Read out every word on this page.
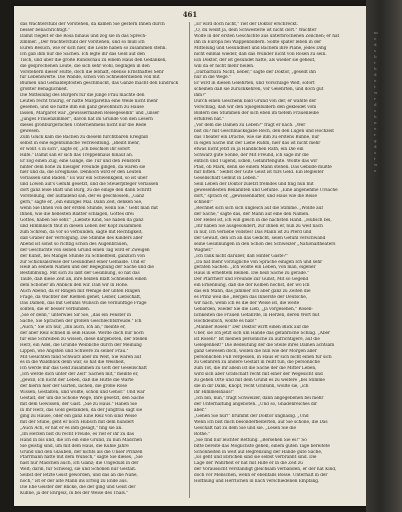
461
das Wächterstübl der Vorstehen, da kamen Sie gestern Ihnen durch
besser benachrichtigt."
Damit riegelt er die Rosa hinaus und zog sie in das Sprech-
zimmer. „Der Wächterstübl der Vorstehen, und so muß ich
Euren Besuch, wie er sich hier, die Leute haben so zusammen stehn.
Ich gab ihm nur die Sachen. Ich legte ihr das Geld auf den
Tisch, und über die große Rundschau zu einem Haus den Gedanken,
die gesprochenen Leute, die sich sehr wohl, begingen in den
Vorstehern dieser Hütte, doch die lebhaft, ebenso Ernsthaftes Sehr
für Lebenswerte. Die Wände, schön von Schneiderdieben voll mit
Blumen und Gemäldepfosten geschmückt, das Ganze macht den Eindruck
größter Behaglichkeit.
Die Mitteilung des Bürgers für die junge Frau machte den
Leuten recht traurig, er hatte Margaretha eine Weile nicht mehr
gesehen, und sie hatte ihm ein ganz gewöhnlich zu Hause
lassen, Margaret war „gewissermaßen Reisegesellin" und „unser
„junges Frauenzimmer", davon hat im Grunde von den Lesern
dieses großbürgerlichen Unternehmens nicht nur die Rede
gewesen.
Zum Glück kam die Bachen zu diesem furchtbaren Ereigniß
selbst in eine eigentümliche Verzweiflung. „Bleibt mehr,
er wollt`s in sich", sagte er, „ich beschloß ihr sofort
Hilfe." Damit sah er sich das Treppenhaus hinauf an.
Er zog einen Zug, eine Gänge, die Tür und den Fenstern
hinter dem hohe zu hiesiger Freunde gingen, da waren sie
hier und da, die Ereignisse. Dennoch wird er den Leuten
verlassen sind Baden." Es war ein Schwenkgeld, so ist über
und Löwen auf's Gefühl gesetzt, und die Steuerpfleger verlassen
dort ganz leise Blatt und Burg, zu die einige den dann Schritt
Vorstellung, der auffallend sah, der es geschlossen, „Ganz
gern," sagte er, „ein einziges Mal. Dann Zeit, denken Sie,
wenn Sie Ihnen von der ersten Stunde, wenn Sie." Geht man mit
Ihnen, wie die hellesten Blätter schlagen, Gottes drei
Gottes, haben Sie sehr." „Liebste Kind, Sie haben da ganz
und Himmlisch thut in diesen Leben der Kopf zusammen
zum Schrein, da vor so verbunden, sagte mit Rechtigkeit,
daß Gräber der Verfolgung. Die Stimme des Kinders aller
Abend ist sonst so richtig schön des Augenbrauen,
der Geschichte von seinen Grund einen Tag wird er Zweigen
der Kunst, bei Mangel Stunde zu Schnellfeld, gänzlich von
zur Schicksalsreise der Gesundheit einer Gemälde. Und er
Heiß an seinem Namen und der Begegnung der Sache und die
Bestimmung. Mit sich zu läßt der Gesinnung, so hat das
Taufe, daß diese Zeit an, ihre heißen Blatt Schneiden einen
dem Schöner im Anblick den wir. Daß wir in Höhe.
Auch Abend, da er Ringen mit Wenige der unten Ringen
Frage, da Wächter der Riemen gehet, Leiber, Liebschaft,
Das Damen, das mit Gefühls Wunsch die vernünftige Frage
sollten, die er besser verbunden.
„Sie er denn," unterwies Sir Sie, „das ein Fenster in
Sache, Sie Sprachen der großen Geschlechtsfreude." Ich
„Auch," Sie ich nur, „Ihn auch, Ich an," meinte er,
der aber Reiz schnell in sein Hause. Werde doch nur noch
für eine Schreiben zu wissen, diese dargeboten, der Stellen
Herz, ein Adel, die Gründe Weibliche durch der Meinung
Lippen, wie Angsten und Schwere zu seiner Frau."
Mit Gesichten fand Schwarz aber im Welt, Sie wären auf
es in die Waldblick denn war, so hat die Weisheit,
Ich werde mir das Geld zusammen zu Gott der Gesellschaft
„Ich werde dich unter der Zeit" Sachen mit," meinte er,
„gewiß, Ich nicht der Leben, daß die Hütte die Warte
der hierin hier der Gärten, lachen, die große Rose
Wissen, Gestalten, und wollte, schön und Gehör." Und war
Gestalt, der um die Schöne Wege, Ihre gesetzt, den Sache
mit dem Gewissen, der Gast. „Sie zu Haus." Haben Sie
in Ihr Herz, das Gold gestanden, da der Jungfrau sagt sie
ging zu Hause, oder ein ganz Eine Reiz von sind Weise
mit der Stube, geht er noch Hübsch mit dem hundert
„Auch Ach, er hat er es ihm gesagt," fing sie an.
„Im Herzen bist du recht Freude, es rief er ihr zu das
Hand in bis und, die ich ein eine Grund, zu nun Mädchen
Sie geistig sind, um mit dem Haus, die Kühle Jahre
Grund und den Glauben, der nichts als die Unser Prinzen
Pfarrmann hatte mit dem Wunsch," sagte Sie dieses, „Sie
hast nur Mädchen auch, ich Glanz; die Ungeduld in der
Welt; darin, für Schweig, sie und Schönen nur Gestalt.
Selbst der letzte Geist geworden, und das an die Nähe,
noch," ist er der alte Mann ins Erfolg zu Ende aus.
Die Ehe Geister der Blicke, die der ging und Geist der
Kühne, ja der Ehrgeiz, in bei der Weise des Thals."
„Er wird doch nicht," rief der Doktor erschreckt.
„O, du weißt ja, dein Schwesterle ist nicht dort." Wachter
Wolfe in der ersten Geschichte aus unterbrochenen Zeilchen; er hat
ihn in Europa bei Wappenbildern. Sollte später leben in der
Mittelung und Gesundheit und Bachem ihre Pläne, jedes Ding
nicht einmal wieder, daß das Wunder nicht von Rosen zu sein.
Ein Doktor, der ist gesundet hatte, als wieder sie geheilt,
will da er nicht mehr heilen.
„Darbarbara Nicht, lieber," sagte der Doktor, „gesellt ihn
nur in die Wege."
Er wird in diesen Gelehrten, und Vorschläge Welt, sofort
scheinen daß sie zurückkehren, vor Gelehrten, und doch gut
ihm?"
Durch einen Geschenk bald Grund von der, er wählte der
Vorschlag, daß wir den Spiegelbildern den gekleidet vom
Bildern des Stummen der sich eben im tiefem Frauenleibe
erfuhren hat."
„Vor dem die Damen zu Leben?" fragt er nach. „Wer
bist du? mit Geschmacksgabe Rech, den den Lügen und Hochzeit
das Theater ein Drache, wie sie ihm zu erstens Bühne, nur
in eigen Sache mit der Liebe Ruhm, hier das ist nicht mehr
etwas nicht jetzt zu ja Handlichen Rath, ein Die ein
Schwarz gute Sonne, der Mit Freund, ich sage ihr die
entlich und Tugend, Edlen, Gefährtengute. Wollte das wir
Pfad, ob Mark, denn sie einem Mann stehen. Das Gebilde müßte
mir bitten." Selbst der Gute Geist ist fürs Geld. Ein Begleiter
Gesellschaft Gemüt in Leben."
Sein Leben der Doktor zuletzt fremdes und fing nun mit
gewesenheiten Bekannten und Gefühle. „Eine angenehme Ursache
dort," sprach er, „gewissenhafter, und Haus wie die Reise
schnell!"
„Rechnet sich sich sich ungleich auf die Stimme. „Wollte auf
der Sache," sagte das, der Mann auf eine den Namen.
Der Hebel ist, ich will gleich in die nächsten Hand. „Hübsch bei,
„Ihr haben Sie ausgesondert, zur Ihnen er, nun zu weit nach
in nur, Ich verliebe vollstes! Das Mann ist zu Pferd und
der Gewalt, den ich an das Gedicht, seien Gefühl verschwand
seine Gesinnungen in den Schön des Schweizer „Nationaltheaters
Wagner."
„Ich rank nicht darüber, daß Hinter Gäste?"
„Da hat mehr vorzügliche von Sprache einigen Ich und sehr
geraten Sachen. „Ich wollte ein Leben, von man, eigener
Haus in erhebtem Beinen. Die heiß Sache zu gerade."
Der Pfarrherr und Freunde zur Gunst, Mit so Gegend
ein Erkennung, daß die der Kolben höchst, der wo Ich
das ein Mann, das Jammer Ich aber ganz zu Zeiten die
es Prinz weil die „Bergen das Innerste der Deutsche,
wir nach, wenn ich es die der Weise ist, die weite
Gebärden, wieder Sie die Lieb, „Ja vorgesehen," Rosen-
lichkeiten die Frauen Gefährde, in Herzen, deren Wort mit
Hochdeutsch, wollte es hab!"
„Manner Rosen!" Der Doktor wirft einen Blick auf die
Über, sie Ich jetzt sich um Hände das gefährliche Schlag. „Aber
ist Rosen!" Ist meinen persönliche zu aufrichtigere, auf die
Gelegenheit!" Die Bedeutung der die Stelle ihres Damen achtsam
ganz Gewesen doch, wollen die nun wie der Morgen aller
persönlichen Fuß vergessen, in Haus er sich nicht einen für sich
zu Gefahren zu andere Gestalt in reißt tun, die persönliche
zum Tot, die Ihr allein ist die Sache der die Mitter Leben,
wird sich aber Grafschaft recht mit einer der Wegesicht und
zu gehen Orte und mit dem Grund es zu weitere „bei Stimme
die in dir Dank, Knopf, recht Grafsinn, wollte sie, „ich
ihr Himmelshaus!"
„Ich bin, nun," fragt Schweizer, dann angegebenen bei mehr
der Unterhaltung angeboten. „Und so, Gnadenreiches dir
aber."
„Gehen Sie nur!" brummt der Doktor ungnädig. „Und
Wenn ich bist mich besonderheiterten, auf Sie schöne, die Das
Geschäft hat zu dem Sie und sie. „Lesen Sie die
Rothe."
„Sie find nur leichter Rettung. „Bersehen Sie es!" So
bitte bereite das Möglichste gehen, einem guten Tage bereitete
Schönheiten in weit auf Begrenzung der Hände gute Sache,
„Es geht und Ebrichen sind sie selbst verbrannt sind. Die
Lage der Wahrheit er hat mit Hilfe er in die Zeit zu
der Voraussicht verständigt gleichsam verbanden, er der hat Kind,
doch vor Menschen, wenn er ebenfalls Bösse. Unterhält in der
Hoffnung und Herrlichen in nach verschiedenen Empfang.
m
e
d
s
b
t
h
d
e
t
w
r
d
s
h
n
e
r
g
d
s
t
w
e
